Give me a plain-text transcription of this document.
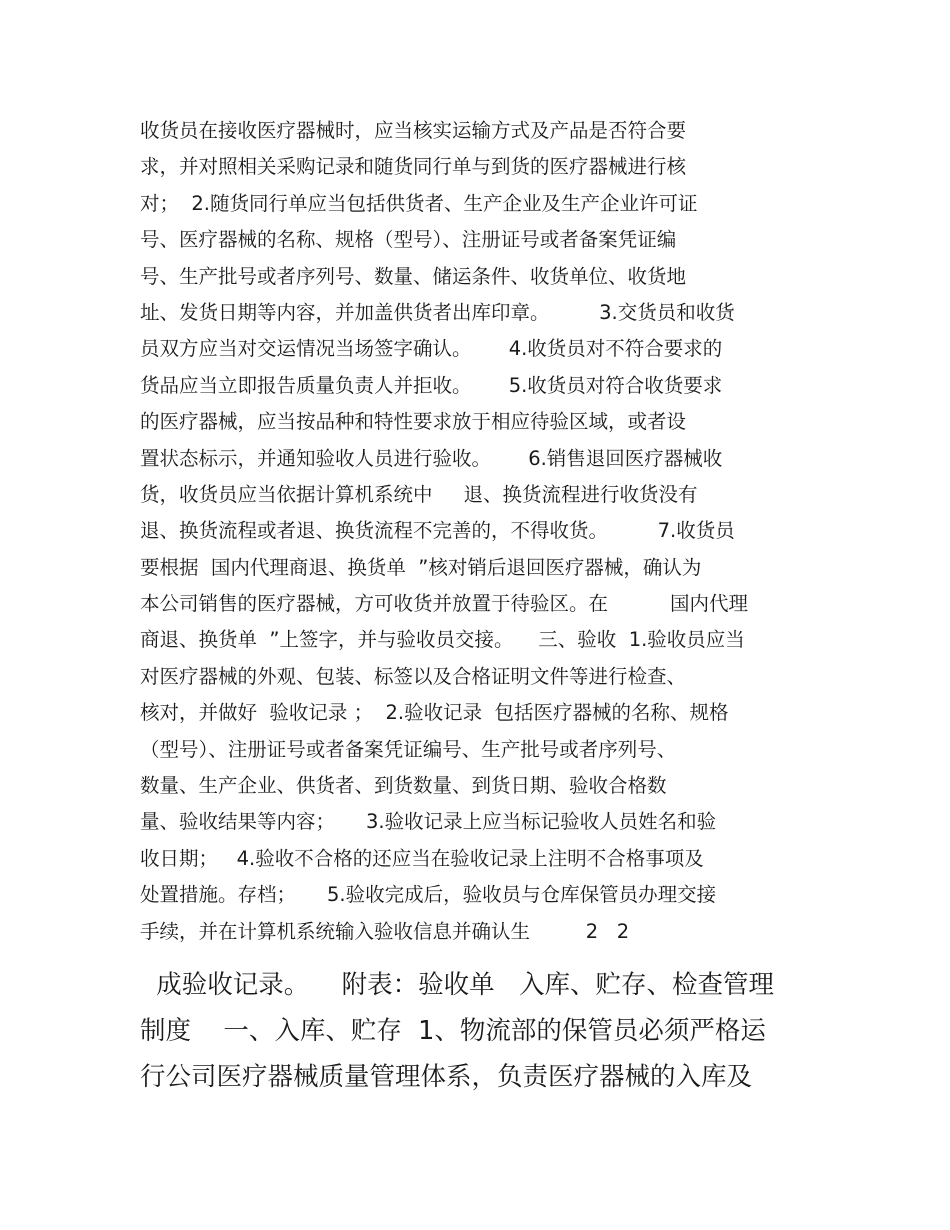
收货员在接收医疗器械时，应当核实运输方式及产品是否符合要
求，并对照相关采购记录和随货同行单与到货的医疗器械进行核
对；  2.随货同行单应当包括供货者、生产企业及生产企业许可证
号、医疗器械的名称、规格（型号）、注册证号或者备案凭证编
号、生产批号或者序列号、数量、储运条件、收货单位、收货地
址、发货日期等内容，并加盖供货者出库印章。        3.交货员和收货
员双方应当对交运情况当场签字确认。      4.收货员对不符合要求的
货品应当立即报告质量负责人并拒收。      5.收货员对符合收货要求
的医疗器械，应当按品种和特性要求放于相应待验区域，或者设
置状态标示，并通知验收人员进行验收。      6.销售退回医疗器械收
货，收货员应当依据计算机系统中     退、换货流程进行收货没有
退、换货流程或者退、换货流程不完善的，不得收货。        7.收货员
要根据  国内代理商退、换货单  ”核对销后退回医疗器械，确认为
本公司销售的医疗器械，方可收货并放置于待验区。在          国内代理
商退、换货单  ”上签字，并与验收员交接。    三、验收  1.验收员应当
对医疗器械的外观、包装、标签以及合格证明文件等进行检查、
核对，并做好  验收记录 ；  2.验收记录  包括医疗器械的名称、规格
（型号）、注册证号或者备案凭证编号、生产批号或者序列号、
数量、生产企业、供货者、到货数量、到货日期、验收合格数
量、验收结果等内容；     3.验收记录上应当标记验收人员姓名和验
收日期；   4.验收不合格的还应当在验收记录上注明不合格事项及
处置措施。存档；     5.验收完成后，验收员与仓库保管员办理交接
手续，并在计算机系统输入验收信息并确认生         2   2
成验收记录。    附表：验收单   入库、贮存、检查管理
制度    一、入库、贮存  1、物流部的保管员必须严格运
行公司医疗器械质量管理体系，负责医疗器械的入库及
